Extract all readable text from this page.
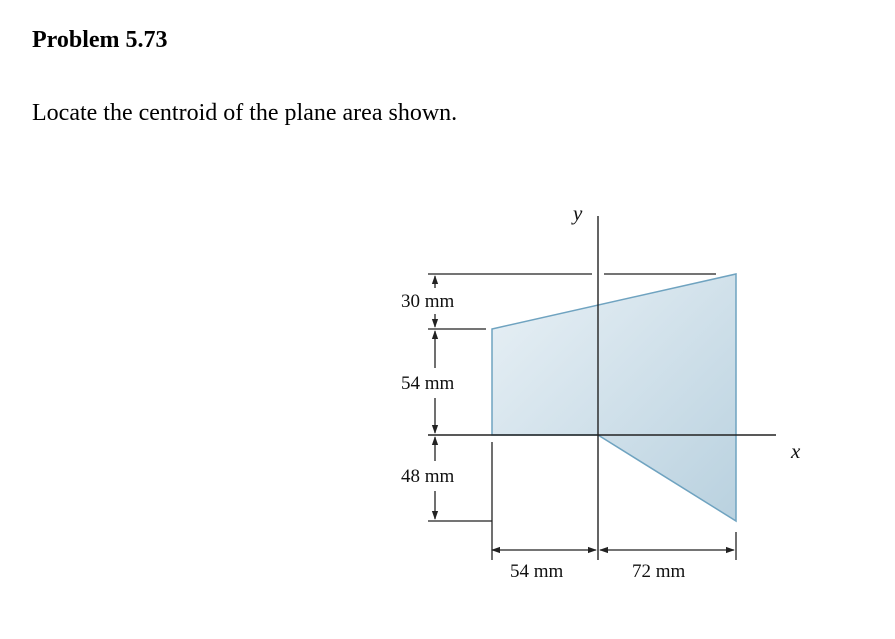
Problem 5.73

Locate the centroid of the plane area shown.

30 mm
54 mm
48 mm
54 mm	72 mm
y
x
